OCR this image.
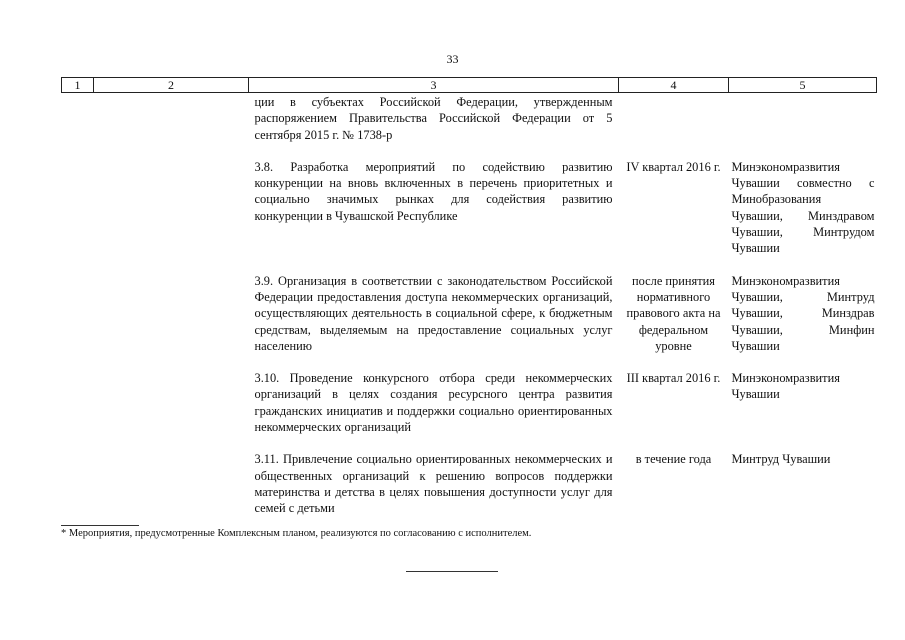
33
1	2	3	4	5
		ции в субъектах Российской Федерации, утвержденным распоряжением Правительства Российской Федерации от 5 сентября 2015 г. № 1738-р		
		3.8. Разработка мероприятий по содействию развитию конкуренции на вновь включенных в перечень приоритетных и социально значимых рынках для содействия развитию конкуренции в Чувашской Республике	IV квартал 2016 г.	Минэкономразвития Чувашии совместно с Минобразования Чувашии, Минздравом Чувашии, Минтрудом Чувашии
		3.9. Организация в соответствии с законодательством Российской Федерации предоставления доступа некоммерческих организаций, осуществляющих деятельность в социальной сфере, к бюджетным средствам, выделяемым на предоставление социальных услуг населению	после принятия нормативного правового акта на федеральном уровне	Минэкономразвития Чувашии, Минтруд Чувашии, Минздрав Чувашии, Минфин Чувашии
		3.10. Проведение конкурсного отбора среди некоммерческих организаций в целях создания ресурсного центра развития гражданских инициатив и поддержки социально ориентированных некоммерческих организаций	III квартал 2016 г.	Минэкономразвития Чувашии
		3.11. Привлечение социально ориентированных некоммерческих и общественных организаций к решению вопросов поддержки материнства и детства в целях повышения доступности услуг для семей с детьми	в течение года	Минтруд Чувашии
* Мероприятия, предусмотренные Комплексным планом, реализуются по согласованию с исполнителем.
